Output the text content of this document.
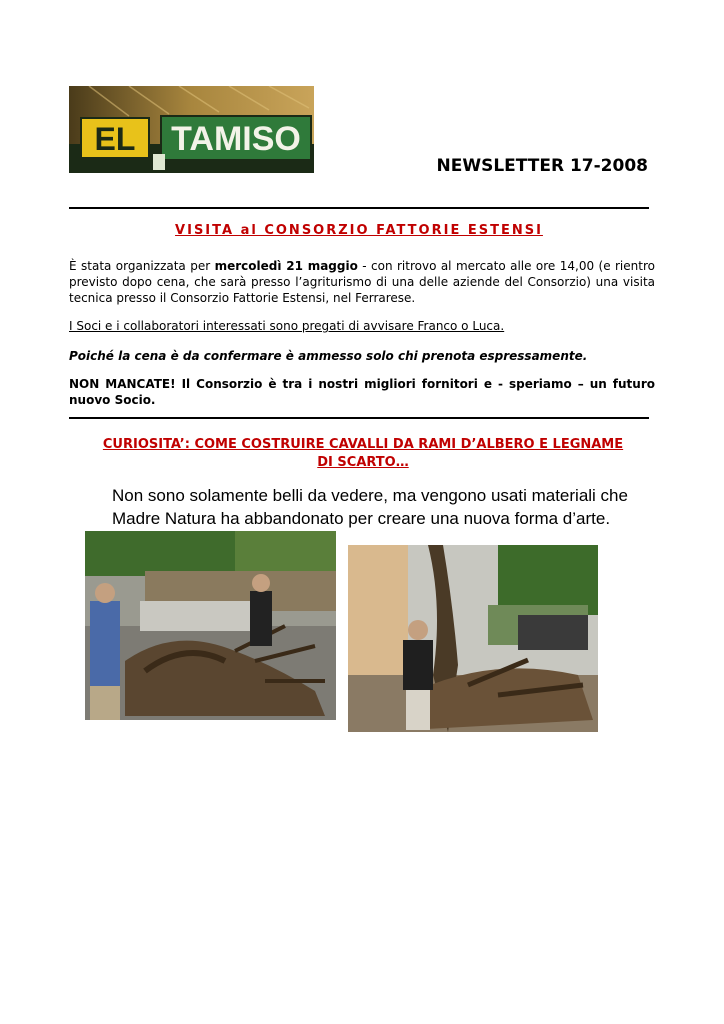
EL TAMISO
NEWSLETTER 17-2008
VISITA al CONSORZIO FATTORIE ESTENSI
È stata organizzata per mercoledì 21 maggio - con ritrovo al mercato alle ore 14,00 (e rientro previsto dopo cena, che sarà presso l’agriturismo di una delle aziende del Consorzio) una visita tecnica presso il Consorzio Fattorie Estensi, nel Ferrarese.
I Soci e i collaboratori interessati sono pregati di avvisare Franco o Luca.
Poiché la cena è da confermare è ammesso solo chi prenota espressamente.
NON MANCATE! Il Consorzio è tra i nostri migliori fornitori e - speriamo – un futuro nuovo Socio.
CURIOSITA’: COME COSTRUIRE CAVALLI DA RAMI D’ALBERO E LEGNAME DI SCARTO…
Non sono solamente belli da vedere, ma vengono usati materiali che Madre Natura ha abbandonato per creare una nuova forma d’arte.
